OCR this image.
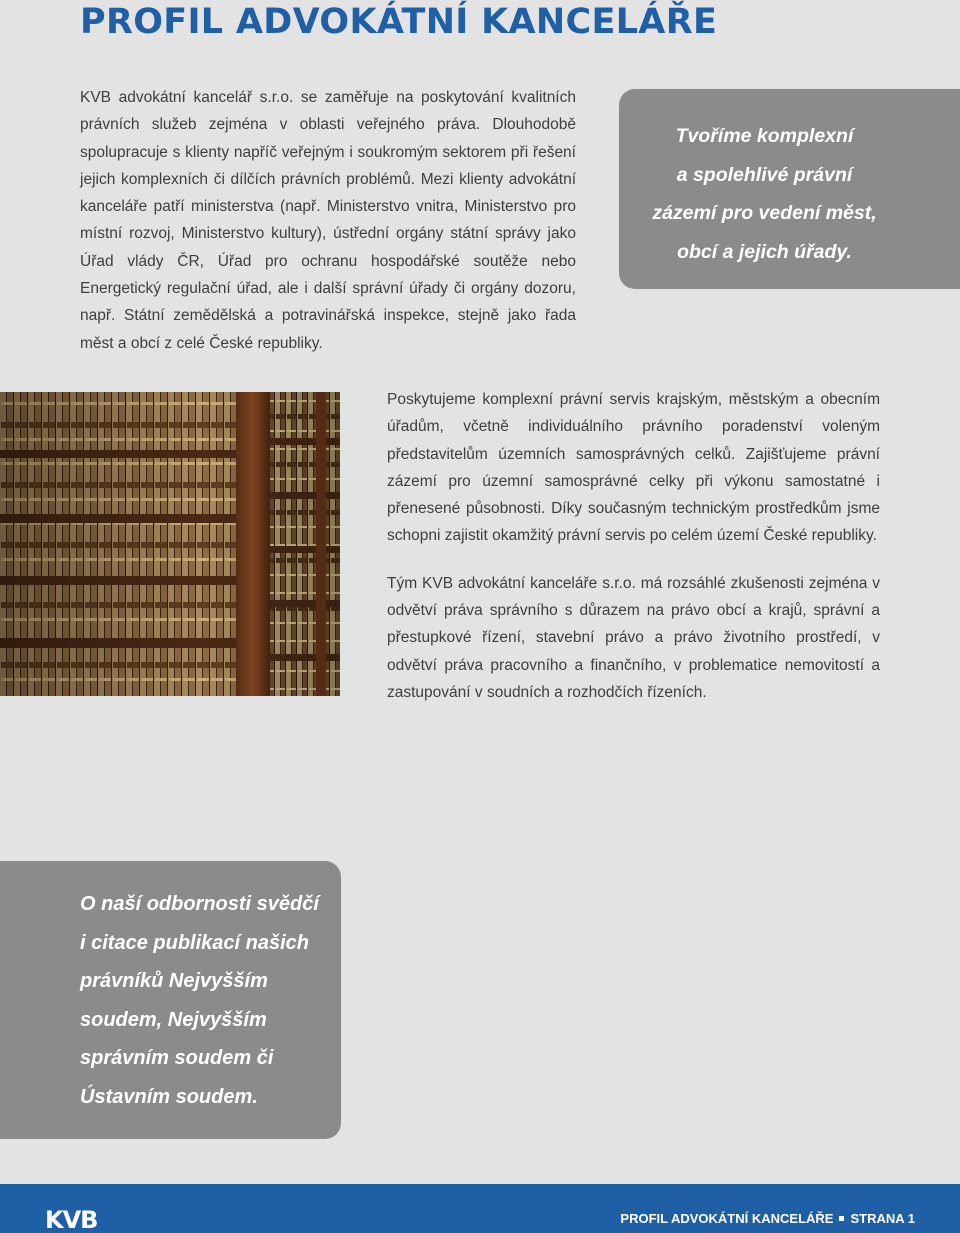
PROFIL ADVOKÁTNÍ KANCELÁŘE

KVB advokátní kancelář s.r.o. se zaměřuje na poskytování kvalitních právních služeb zejména v oblasti veřejného práva. Dlouhodobě spolupracuje s klienty napříč veřejným i soukromým sektorem při řešení jejich komplexních či dílčích právních problémů. Mezi klienty advokátní kanceláře patří ministerstva (např. Ministerstvo vnitra, Ministerstvo pro místní rozvoj, Ministerstvo kultury), ústřední orgány státní správy jako Úřad vlády ČR, Úřad pro ochranu hospodářské soutěže nebo Energetický regulační úřad, ale i další správní úřady či orgány dozoru, např. Státní zemědělská a potravinářská inspekce, stejně jako řada měst a obcí z celé České republiky.

Tvoříme komplexní

a spolehlivé právní

zázemí pro vedení měst,

obcí a jejich úřady.

Poskytujeme komplexní právní servis krajským, městským a obecním úřadům, včetně individuálního právního poradenství voleným představitelům územních samosprávných celků. Zajišťujeme právní zázemí pro územní samosprávné celky při výkonu samostatné i přenesené působnosti. Díky současným technickým prostředkům jsme schopni zajistit okamžitý právní servis po celém území České republiky.

Tým KVB advokátní kanceláře s.r.o. má rozsáhlé zkušenosti zejména v odvětví práva správního s důrazem na právo obcí a krajů, správní a přestupkové řízení, stavební právo a právo životního prostředí, v odvětví práva pracovního a finančního, v problematice nemovitostí a zastupování v soudních a rozhodčích řízeních.

O naší odbornosti svědčí

i citace publikací našich

právníků Nejvyšším

soudem, Nejvyšším

správním soudem či

Ústavním soudem.

KVB	PROFIL ADVOKÁTNÍ KANCELÁŘE STRANA 1
